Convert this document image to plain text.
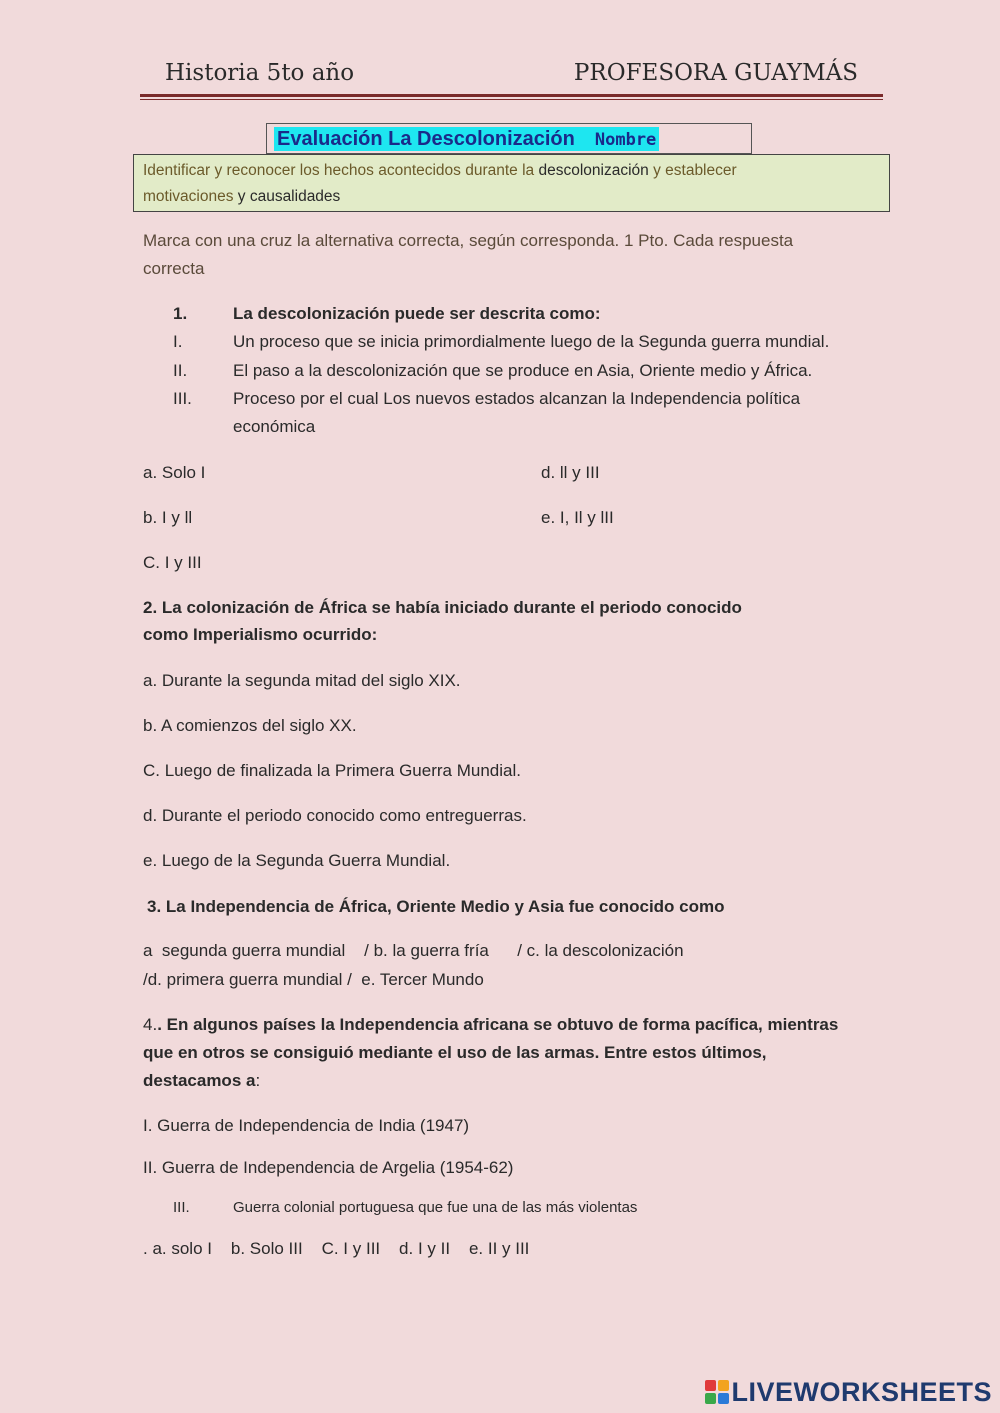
Historia 5to año	PROFESORA GUAYMÁS
Evaluación La Descolonización Nombre
Identificar y reconocer los hechos acontecidos durante la descolonización y establecer
motivaciones y causalidades
Marca con una cruz la alternativa correcta, según corresponda. 1 Pto. Cada respuesta
correcta
1.	La descolonización puede ser descrita como:
I.	Un proceso que se inicia primordialmente luego de la Segunda guerra mundial.
II.	El paso a la descolonización que se produce en Asia, Oriente medio y África.
III. Proceso por el cual Los nuevos estados alcanzan la Independencia política
económica
a. Solo I	d. ll y III
b. I y ll	e. I, Il y lII
C. I y III
2. La colonización de África se había iniciado durante el periodo conocido
como Imperialismo ocurrido:
a. Durante la segunda mitad del siglo XIX.
b. A comienzos del siglo XX.
C. Luego de finalizada la Primera Guerra Mundial.
d. Durante el periodo conocido como entreguerras.
e. Luego de la Segunda Guerra Mundial.
3. La Independencia de África, Oriente Medio y Asia fue conocido como
a  segunda guerra mundial    / b. la guerra fría      / c. la descolonización
/d. primera guerra mundial /  e. Tercer Mundo
4.. En algunos países la Independencia africana se obtuvo de forma pacífica, mientras
que en otros se consiguió mediante el uso de las armas. Entre estos últimos,
destacamos a:
I. Guerra de Independencia de India (1947)
II. Guerra de Independencia de Argelia (1954-62)
III.	Guerra colonial portuguesa que fue una de las más violentas
. a. solo I    b. Solo III    C. I y III    d. I y II    e. II y III
LIVEWORKSHEETS
